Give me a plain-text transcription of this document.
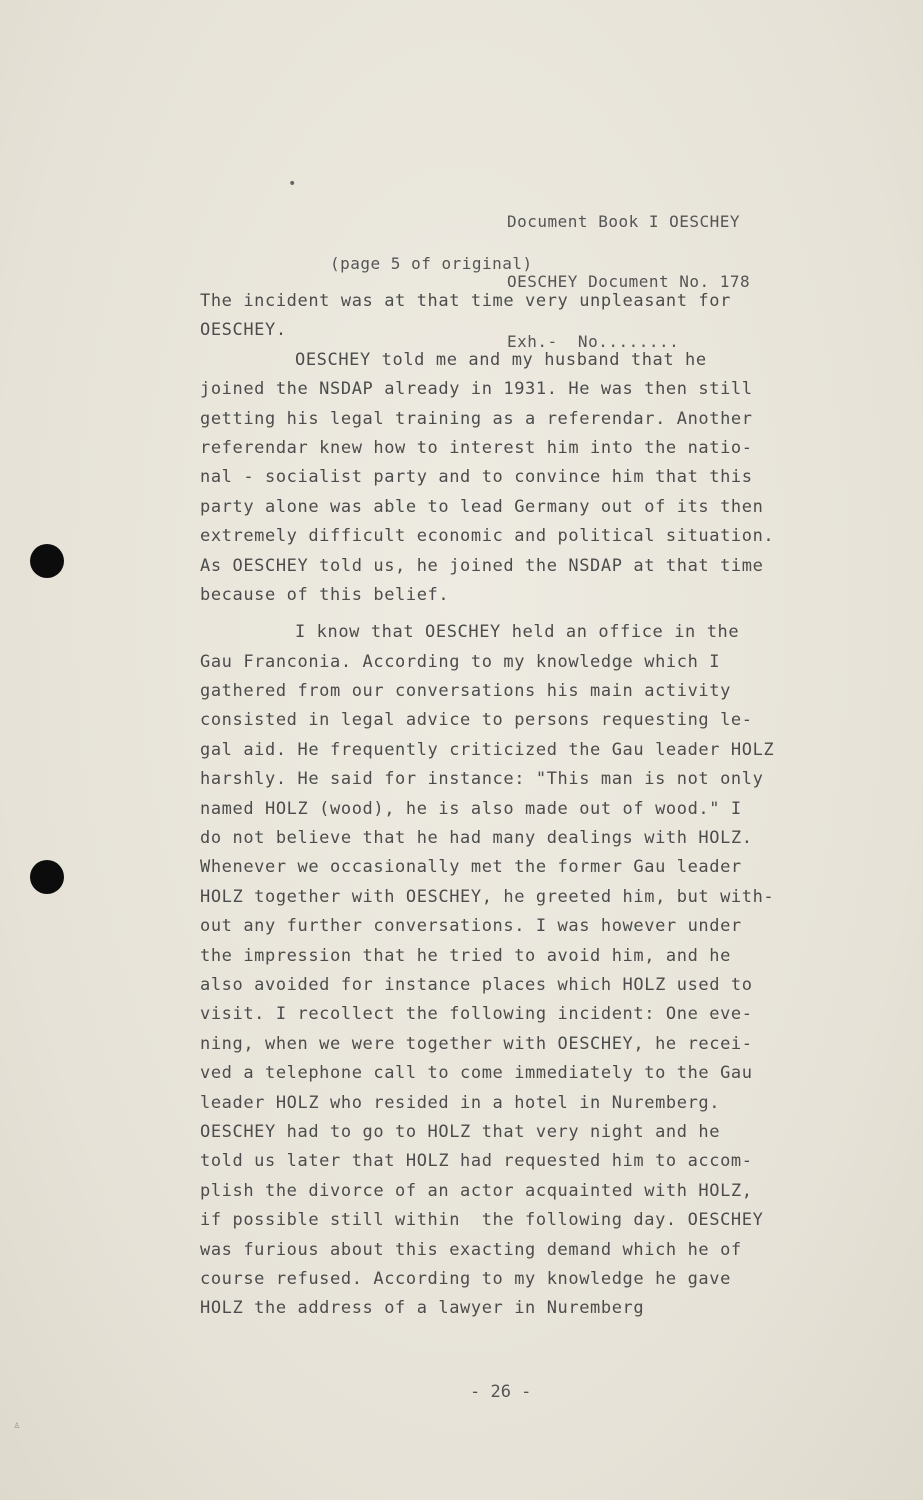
•

Document Book I OESCHEY

OESCHEY Document No. 178

Exh.-  No........

(page 5 of original)
The incident was at that time very unpleasant for
OESCHEY.
OESCHEY told me and my husband that he
joined the NSDAP already in 1931. He was then still
getting his legal training as a referendar. Another
referendar knew how to interest him into the natio-
nal - socialist party and to convince him that this
party alone was able to lead Germany out of its then
extremely difficult economic and political situation.
As OESCHEY told us, he joined the NSDAP at that time
because of this belief.
I know that OESCHEY held an office in the
Gau Franconia. According to my knowledge which I
gathered from our conversations his main activity
consisted in legal advice to persons requesting le-
gal aid. He frequently criticized the Gau leader HOLZ
harshly. He said for instance: "This man is not only
named HOLZ (wood), he is also made out of wood." I
do not believe that he had many dealings with HOLZ.
Whenever we occasionally met the former Gau leader
HOLZ together with OESCHEY, he greeted him, but with-
out any further conversations. I was however under
the impression that he tried to avoid him, and he
also avoided for instance places which HOLZ used to
visit. I recollect the following incident: One eve-
ning, when we were together with OESCHEY, he recei-
ved a telephone call to come immediately to the Gau
leader HOLZ who resided in a hotel in Nuremberg.
OESCHEY had to go to HOLZ that very night and he
told us later that HOLZ had requested him to accom-
plish the divorce of an actor acquainted with HOLZ,
if possible still within  the following day. OESCHEY
was furious about this exacting demand which he of
course refused. According to my knowledge he gave
HOLZ the address of a lawyer in Nuremberg
- 26 -
♙
